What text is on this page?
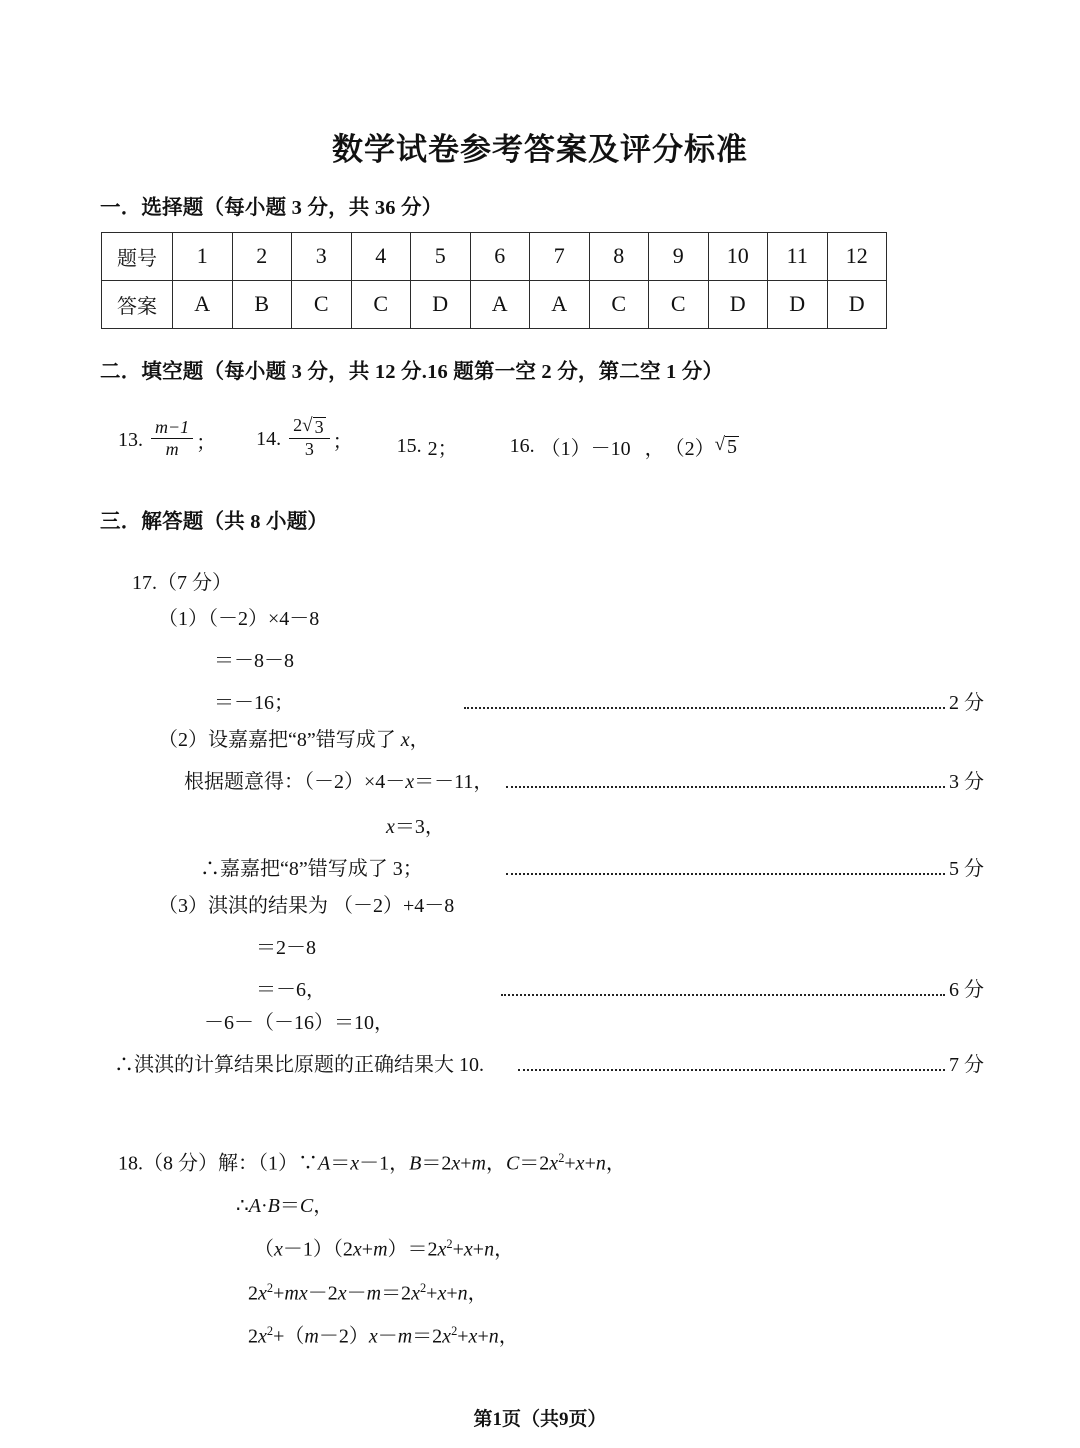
数学试卷参考答案及评分标准
一．选择题（每小题 3 分，共 36 分）
题号	1	2	3	4	5	6	7	8	9	10	11	12
答案	A	B	C	C	D	A	A	C	C	D	D	D
二．填空题（每小题 3 分，共 12 分.16 题第一空 2 分，第二空 1 分）
13. $\frac{m-1}{m}$ ； 14. $\frac{2 √ 3}{3}$ ； 15. 2；	16. （1）－10 ， （2） √ 5
三．解答题（共 8 小题）
17.（7 分）
（1）（－2）×4－8
＝－8－8
＝－16；	2 分
（2）设嘉嘉把“8”错写成了 x，
根据题意得：（－2）×4－x＝－11，	3 分
x＝3，
∴嘉嘉把“8”错写成了 3；	5 分
（3）淇淇的结果为 （－2）+4－8
＝2－8
＝－6，	6 分
－6－（－16）＝10，
∴淇淇的计算结果比原题的正确结果大 10.	7 分
18.（8 分）解：（1）∵A＝x－1，B＝2x+m，$C=2x^2+x+n$，
∴A·B＝C，
$(x-1)(2x+m)=2x^2+x+n$，
$2x^2+mx-2x-m=2x^2+x+n$，
$2x^2+(m-2)x-m=2x^2+x+n$，
第1页（共9页）
